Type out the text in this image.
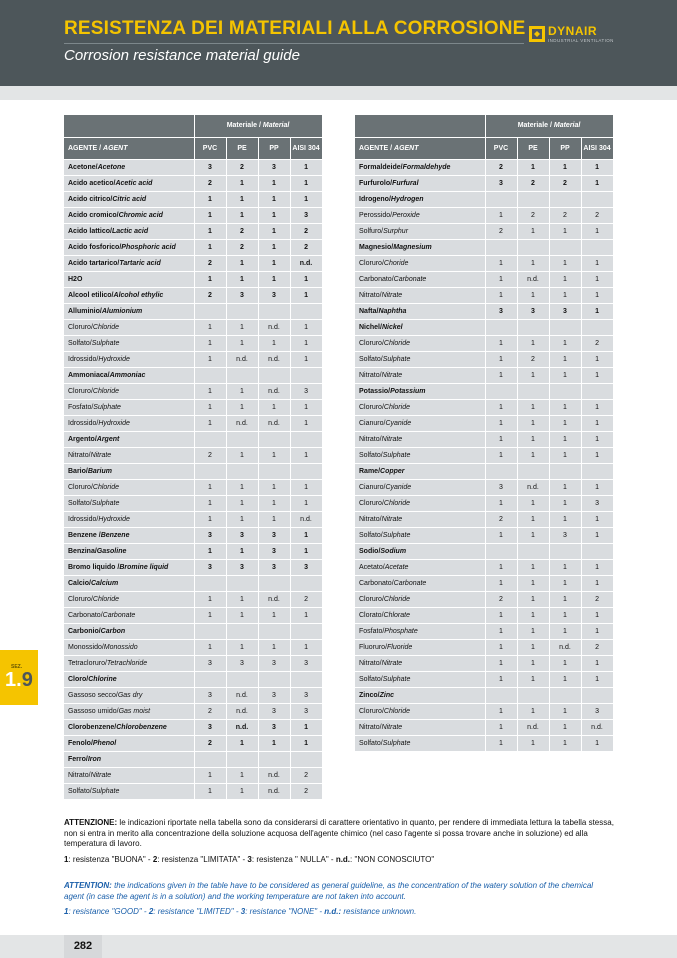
RESISTENZA DEI MATERIALI ALLA CORROSIONE
Corrosion resistance material guide
DYNAIR
INDUSTRIAL VENTILATION
	Materiale / Material			
AGENTE / AGENT	PVC	PE	PP	AISI 304
Acetone/Acetone	3	2	3	1
Acido acetico/Acetic acid	2	1	1	1
Acido citrico/Citric acid	1	1	1	1
Acido cromico/Chromic acid	1	1	1	3
Acido lattico/Lactic acid	1	2	1	2
Acido fosforico/Phosphoric acid	1	2	1	2
Acido tartarico/Tartaric acid	2	1	1	n.d.
H2O	1	1	1	1
Alcool etilico/Alcohol ethylic	2	3	3	1
Alluminio/Alumionium				
Cloruro/Chloride	1	1	n.d.	1
Solfato/Sulphate	1	1	1	1
Idrossido/Hydroxide	1	n.d.	n.d.	1
Ammoniaca/Ammoniac				
Cloruro/Chloride	1	1	n.d.	3
Fosfato/Sulphate	1	1	1	1
Idrossido/Hydroxide	1	n.d.	n.d.	1
Argento/Argent				
Nitrato/Nitrate	2	1	1	1
Bario/Barium				
Cloruro/Chloride	1	1	1	1
Solfato/Sulphate	1	1	1	1
Idrossido/Hydroxide	1	1	1	n.d.
Benzene /Benzene	3	3	3	1
Benzina/Gasoline	1	1	3	1
Bromo liquido /Bromine liquid	3	3	3	3
Calcio/Calcium				
Cloruro/Chloride	1	1	n.d.	2
Carbonato/Carbonate	1	1	1	1
Carbonio/Carbon				
Monossido/Monossido	1	1	1	1
Tetracloruro/Tetrachloride	3	3	3	3
Cloro/Chlorine				
Gassoso secco/Gas dry	3	n.d.	3	3
Gassoso umido/Gas moist	2	n.d.	3	3
Clorobenzene/Chlorobenzene	3	n.d.	3	1
Fenolo/Phenol	2	1	1	1
Ferro/Iron				
Nitrato/Nitrate	1	1	n.d.	2
Solfato/Sulphate	1	1	n.d.	2
	Materiale / Material			
AGENTE / AGENT	PVC	PE	PP	AISI 304
Formaldeide/Formaldehyde	2	1	1	1
Furfurolo/Furfural	3	2	2	1
Idrogeno/Hydrogen				
Perossido/Peroxide	1	2	2	2
Solfuro/Surphur	2	1	1	1
Magnesio/Magnesium				
Cloruro/Choride	1	1	1	1
Carbonato/Carbonate	1	n.d.	1	1
Nitrato/Nitrate	1	1	1	1
Nafta/Naphtha	3	3	3	1
Nichel/Nickel				
Cloruro/Chloride	1	1	1	2
Solfato/Sulphate	1	2	1	1
Nitrato/Nitrate	1	1	1	1
Potassio/Potassium				
Cloruro/Chloride	1	1	1	1
Cianuro/Cyanide	1	1	1	1
Nitrato/Nitrate	1	1	1	1
Solfato/Sulphate	1	1	1	1
Rame/Copper				
Cianuro/Cyanide	3	n.d.	1	1
Cloruro/Chloride	1	1	1	3
Nitrato/Nitrate	2	1	1	1
Solfato/Sulphate	1	1	3	1
Sodio/Sodium				
Acetato/Acetate	1	1	1	1
Carbonato/Carbonate	1	1	1	1
Cloruro/Chloride	2	1	1	2
Clorato/Chlorate	1	1	1	1
Fosfato/Phosphate	1	1	1	1
Fluoruro/Fluoride	1	1	n.d.	2
Nitrato/Nitrate	1	1	1	1
Solfato/Sulphate	1	1	1	1
Zinco/Zinc				
Cloruro/Chloride	1	1	1	3
Nitrato/Nitrate	1	n.d.	1	n.d.
Solfato/Sulphate	1	1	1	1
SEZ.
1.9

ATTENZIONE: le indicazioni riportate nella tabella sono da considerarsi di carattere orientativo in quanto, per rendere di immediata lettura la tabella stessa, non si entra in merito alla concentrazione della soluzione acquosa dell'agente chimico (nel caso l'agente si possa trovare anche in soluzione) ed alla temperatura di lavoro.

1: resistenza "BUONA" - 2: resistenza "LIMITATA" - 3: resistenza " NULLA" - n.d.: "NON CONOSCIUTO"

ATTENTION: the indications given in the table have to be considered as general guideline, as the concentration of the watery solution of the chemical agent (in case the agent is in a solution) and the working temperature are not taken into account.

1: resistance "GOOD" - 2: resistance "LIMITED" - 3: resistance "NONE" - n.d.: resistance unknown.

282
